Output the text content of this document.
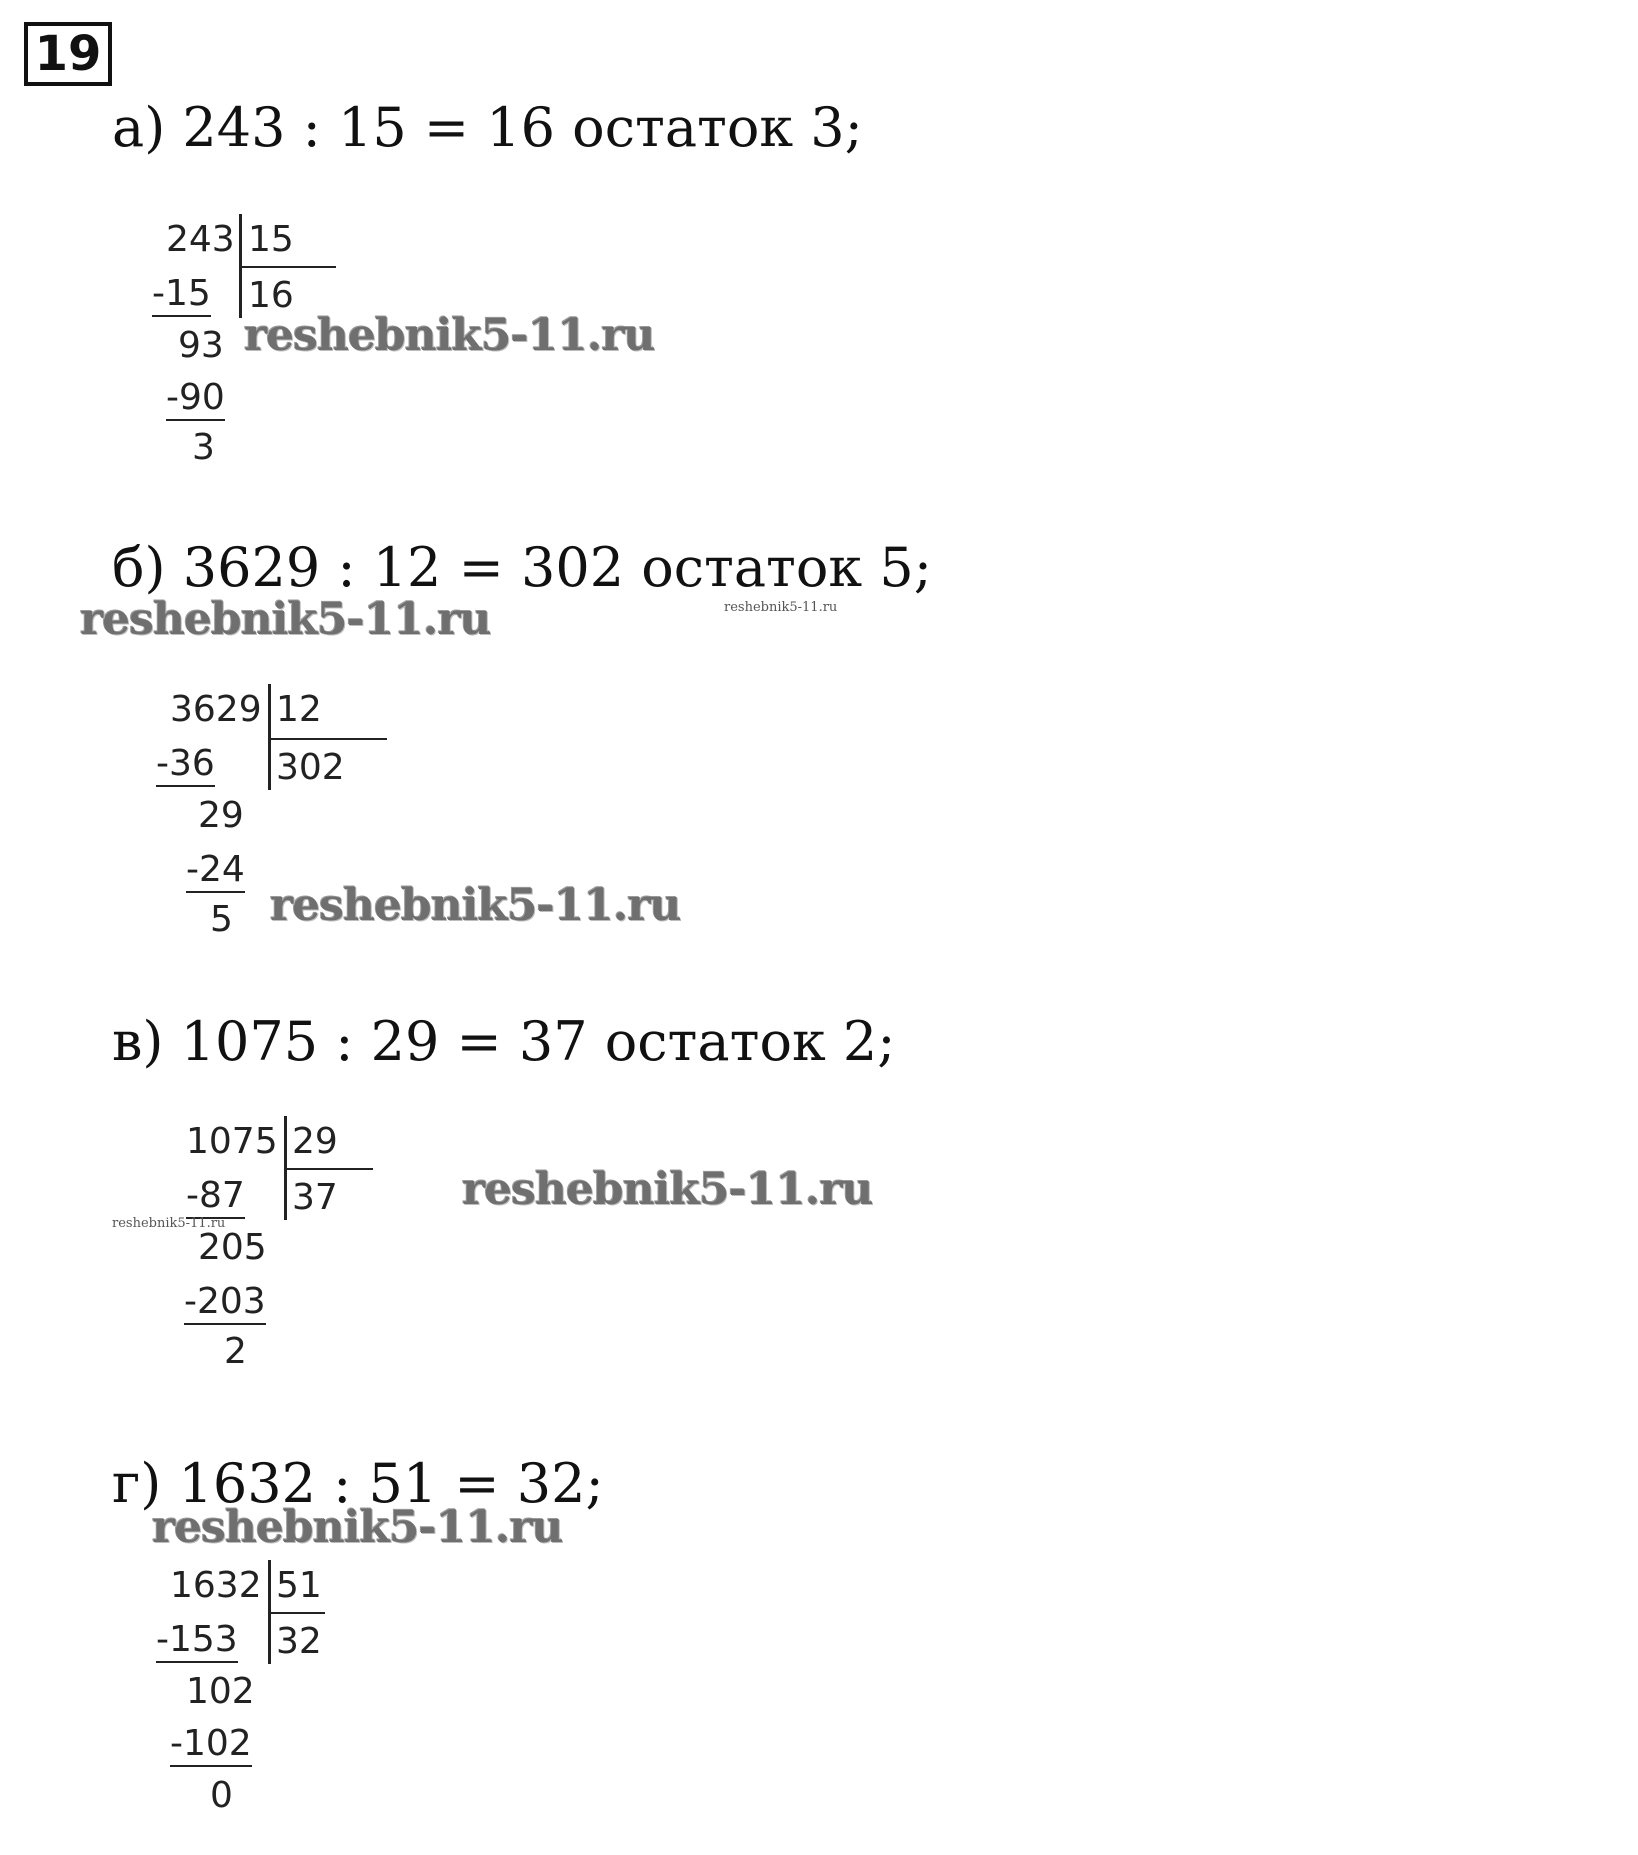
19
а) 243 : 15 = 16 остаток 3;
243 15
16
-15
93
-90
3
reshebnik5-11.ru
б) 3629 : 12 = 302 остаток 5;
reshebnik5-11.ru	reshebnik5-11.ru
3629 12
302
-36
29
-24
5 reshebnik5-11.ru
в) 1075 : 29 = 37 остаток 2;
1075 29
37
-87
205
-203
2
reshebnik5-11.ru
reshebnik5-11.ru
г) 1632 : 51 = 32;
reshebnik5-11.ru
1632 51
32
-153
102
-102
0
